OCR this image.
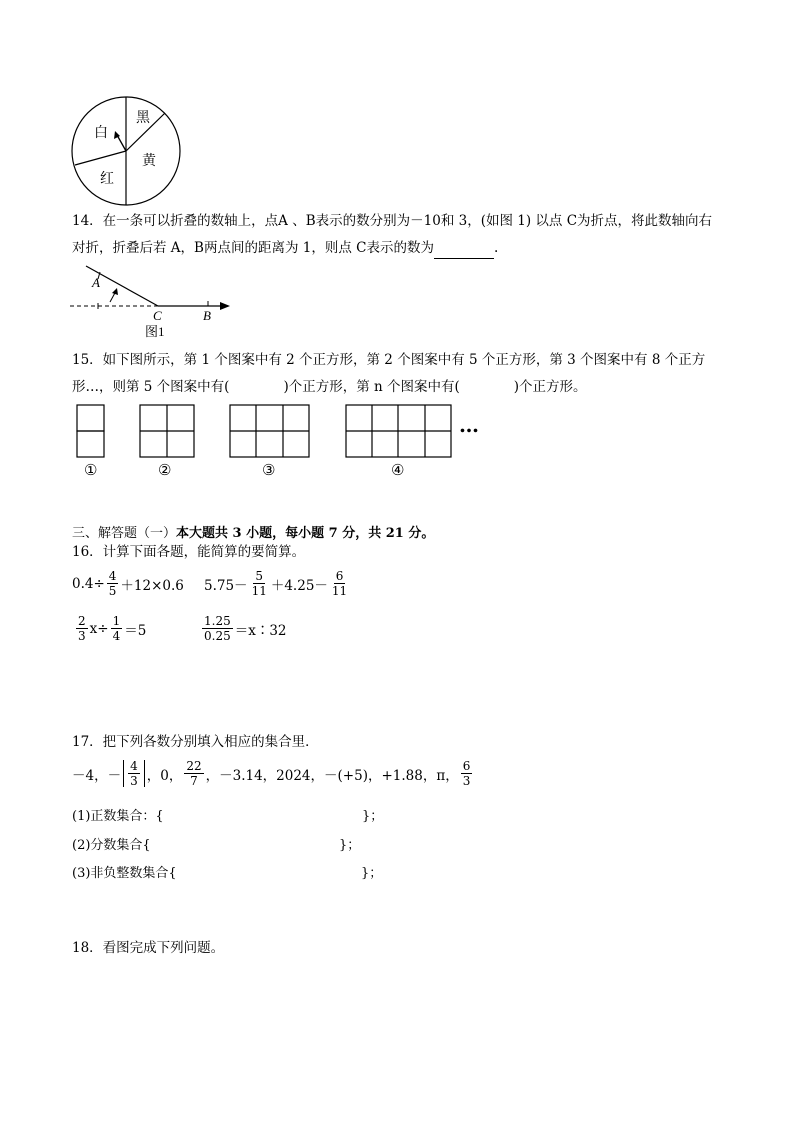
黑
白
黄
红
14．在一条可以折叠的数轴上，点A 、B表示的数分别为－10和 3，(如图 1) 以点 C为折点，将此数轴向右
对折，折叠后若 A，B两点间的距离为 1，则点 C表示的数为	.
A
C	B
图1
15．如下图所示，第 1 个图案中有 2 个正方形，第 2 个图案中有 5 个正方形，第 3 个图案中有 8 个正方
形…，则第 5 个图案中有(　　　　)个正方形，第 n 个图案中有(　　　　)个正方形。
…
①	②	③	④
三、解答题（一）本大题共 3 小题，每小题 7 分，共 21 分。
16．计算下面各题，能简算的要简算。
$0.4\div \frac{4}{5} +12\times 0.6$ $5.75- \frac{5}{11} +4.25- \frac{6}{11}$
$\frac{2}{3} x\div \frac{1}{4} =5$	$\frac{1.25}{0.25}$ ＝x∶32
17．把下列各数分别填入相应的集合里．
－4，－ $\frac{4}{3}$ ，0， $\frac{22}{7}$ ，－3.14，2024，－(+5)，+1.88，π， $\frac{6}{3}$
(1)正数集合：{	}；
(2)分数集合{	}；
(3)非负整数集合{	}；
18．看图完成下列问题。
